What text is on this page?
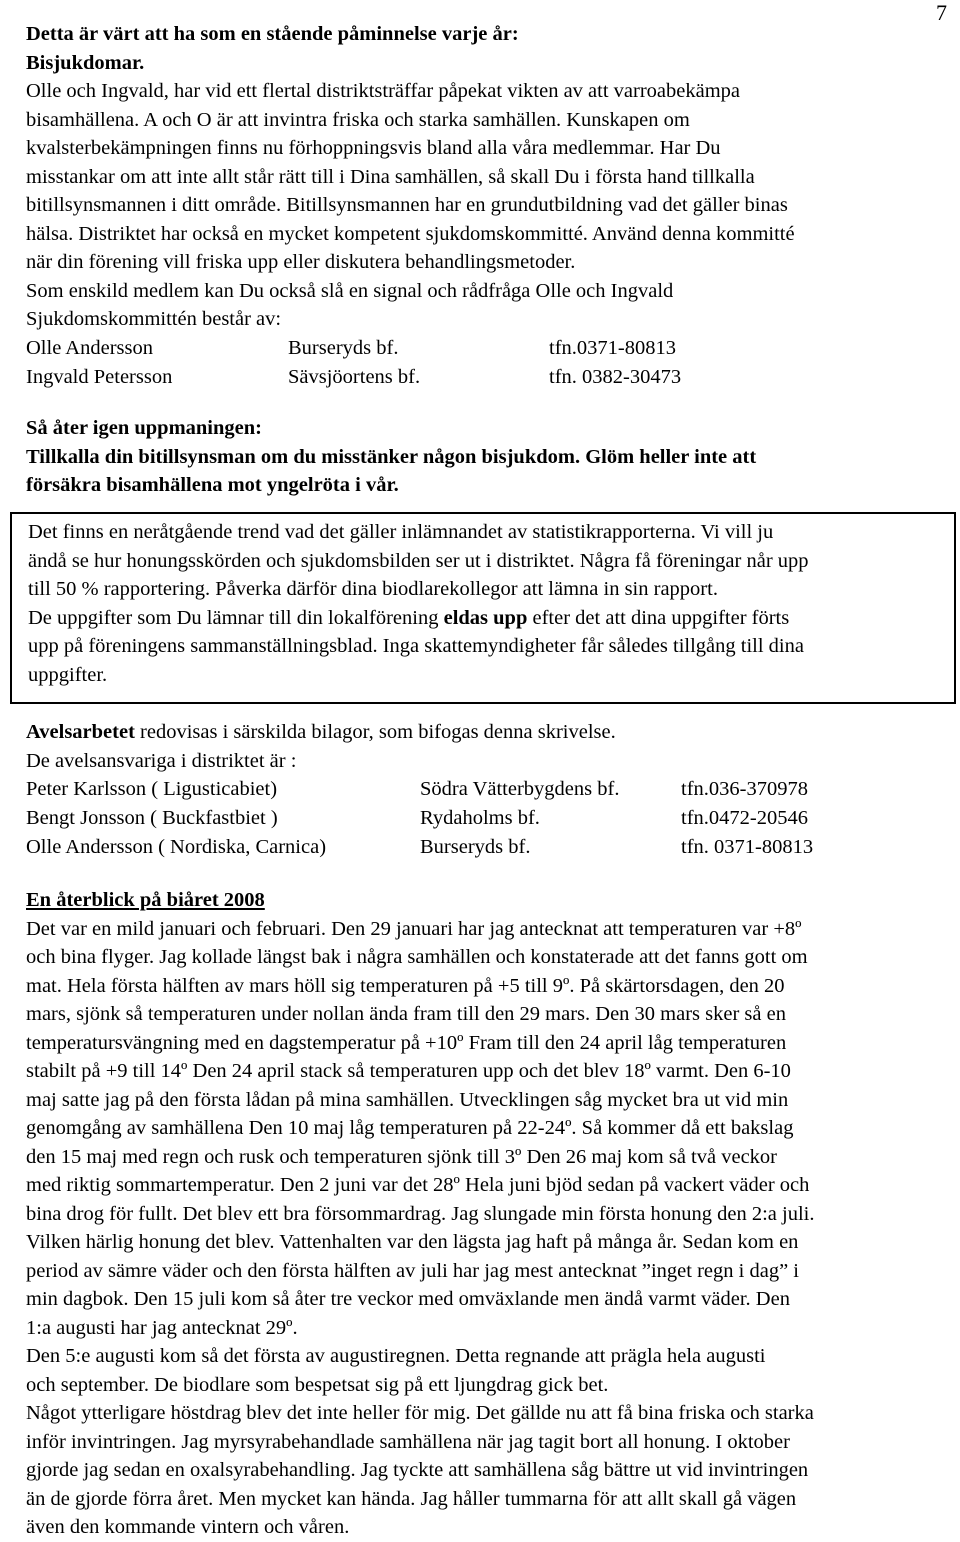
7
Detta är värt att ha som en stående påminnelse varje år:
Bisjukdomar.
Olle och Ingvald, har vid ett flertal distriktsträffar påpekat vikten av att varroabekämpa
bisamhällena. A och O är att invintra friska och starka samhällen. Kunskapen om
kvalsterbekämpningen finns nu förhoppningsvis bland alla våra medlemmar. Har Du
misstankar om att inte allt står rätt till i Dina samhällen, så skall Du i första hand tillkalla
bitillsynsmannen i ditt område. Bitillsynsmannen har en grundutbildning vad det gäller binas
hälsa. Distriktet har också en mycket kompetent sjukdomskommitté. Använd denna kommitté
när din förening vill friska upp eller diskutera behandlingsmetoder.
Som enskild medlem kan Du också slå en signal och rådfråga Olle och Ingvald
Sjukdomskommittén består av:
Olle Andersson	Burseryds bf.	tfn.0371-80813
Ingvald Petersson	Sävsjöortens bf.	tfn. 0382-30473
Så åter igen uppmaningen:
Tillkalla din bitillsynsman om du misstänker någon bisjukdom. Glöm heller inte att
försäkra bisamhällena mot yngelröta i vår.
Det finns en neråtgående trend vad det gäller inlämnandet av statistikrapporterna. Vi vill ju
ändå se hur honungsskörden och sjukdomsbilden ser ut i distriktet. Några få föreningar når upp
till 50 % rapportering. Påverka därför dina biodlarekollegor att lämna in sin rapport.
De uppgifter som Du lämnar till din lokalförening eldas upp efter det att dina uppgifter förts
upp på föreningens sammanställningsblad. Inga skattemyndigheter får således tillgång till dina
uppgifter.
Avelsarbetet redovisas i särskilda bilagor, som bifogas denna skrivelse.
De avelsansvariga i distriktet är :
Peter Karlsson ( Ligusticabiet)	Södra Vätterbygdens bf.	tfn.036-370978
Bengt Jonsson ( Buckfastbiet )	Rydaholms bf.	tfn.0472-20546
Olle Andersson ( Nordiska, Carnica)	Burseryds bf.	tfn. 0371-80813
En återblick på biåret 2008
Det var en mild januari och februari. Den 29 januari har jag antecknat att temperaturen var +8º
och bina flyger. Jag kollade längst bak i några samhällen och konstaterade att det fanns gott om
mat. Hela första hälften av mars höll sig temperaturen på +5 till 9º. På skärtorsdagen, den 20
mars, sjönk så temperaturen under nollan ända fram till den 29 mars. Den 30 mars sker så en
temperatursvängning med en dagstemperatur på +10º Fram till den 24 april låg temperaturen
stabilt på +9 till 14º Den 24 april stack så temperaturen upp och det blev 18º varmt. Den 6-10
maj satte jag på den första lådan på mina samhällen. Utvecklingen såg mycket bra ut vid min
genomgång av samhällena Den 10 maj låg temperaturen på 22-24º. Så kommer då ett bakslag
den 15 maj med regn och rusk och temperaturen sjönk till 3º Den 26 maj kom så två veckor
med riktig sommartemperatur. Den 2 juni var det 28º Hela juni bjöd sedan på vackert väder och
bina drog för fullt. Det blev ett bra försommardrag. Jag slungade min första honung den 2:a juli.
Vilken härlig honung det blev. Vattenhalten var den lägsta jag haft på många år. Sedan kom en
period av sämre väder och den första hälften av juli har jag mest antecknat ”inget regn i dag” i
min dagbok. Den 15 juli kom så åter tre veckor med omväxlande men ändå varmt väder. Den
1:a augusti har jag antecknat 29º.
Den 5:e augusti kom så det första av augustiregnen. Detta regnande att prägla hela augusti
och september. De biodlare som bespetsat sig på ett ljungdrag gick bet.
Något ytterligare höstdrag blev det inte heller för mig. Det gällde nu att få bina friska och starka
inför invintringen. Jag myrsyrabehandlade samhällena när jag tagit bort all honung. I oktober
gjorde jag sedan en oxalsyrabehandling. Jag tyckte att samhällena såg bättre ut vid invintringen
än de gjorde förra året. Men mycket kan hända. Jag håller tummarna för att allt skall gå vägen
även den kommande vintern och våren.
